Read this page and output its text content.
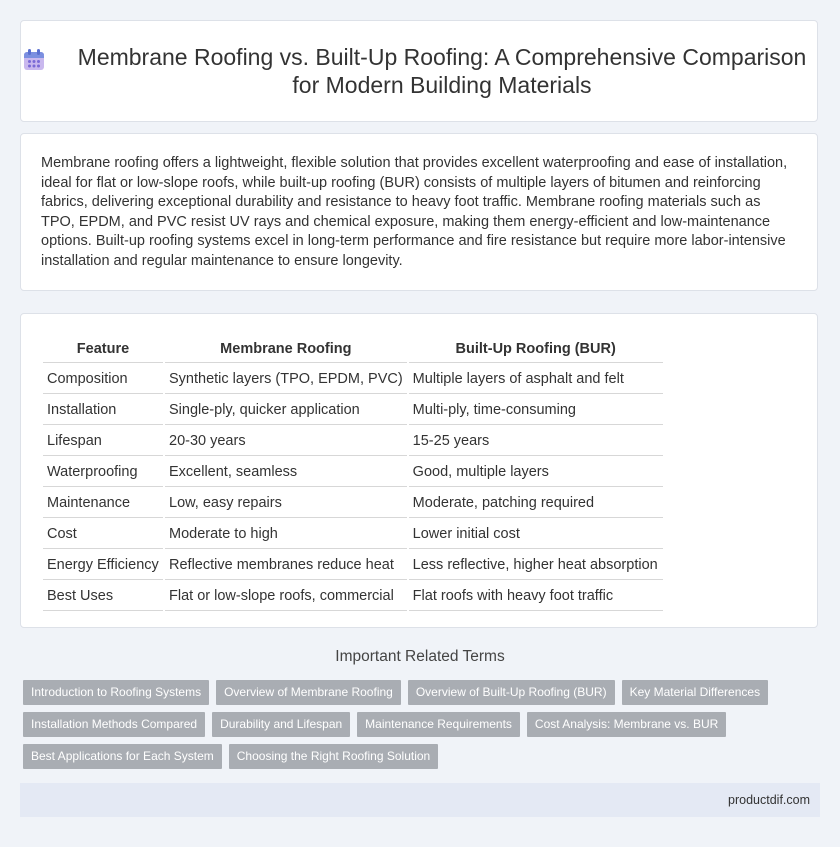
Membrane Roofing vs. Built-Up Roofing: A Comprehensive Comparison for Modern Building Materials

Membrane roofing offers a lightweight, flexible solution that provides excellent waterproofing and ease of installation, ideal for flat or low-slope roofs, while built-up roofing (BUR) consists of multiple layers of bitumen and reinforcing fabrics, delivering exceptional durability and resistance to heavy foot traffic. Membrane roofing materials such as TPO, EPDM, and PVC resist UV rays and chemical exposure, making them energy-efficient and low-maintenance options. Built-up roofing systems excel in long-term performance and fire resistance but require more labor-intensive installation and regular maintenance to ensure longevity.

Feature	Membrane Roofing	Built-Up Roofing (BUR)
Composition	Synthetic layers (TPO, EPDM, PVC)	Multiple layers of asphalt and felt
Installation	Single-ply, quicker application	Multi-ply, time-consuming
Lifespan	20-30 years	15-25 years
Waterproofing	Excellent, seamless	Good, multiple layers
Maintenance	Low, easy repairs	Moderate, patching required
Cost	Moderate to high	Lower initial cost
Energy Efficiency	Reflective membranes reduce heat	Less reflective, higher heat absorption
Best Uses	Flat or low-slope roofs, commercial	Flat roofs with heavy foot traffic
Important Related Terms
Introduction to Roofing Systems	Overview of Membrane Roofing	Overview of Built-Up Roofing (BUR)	Key Material Differences
Installation Methods Compared	Durability and Lifespan	Maintenance Requirements	Cost Analysis: Membrane vs. BUR
Best Applications for Each System	Choosing the Right Roofing Solution
productdif.com
